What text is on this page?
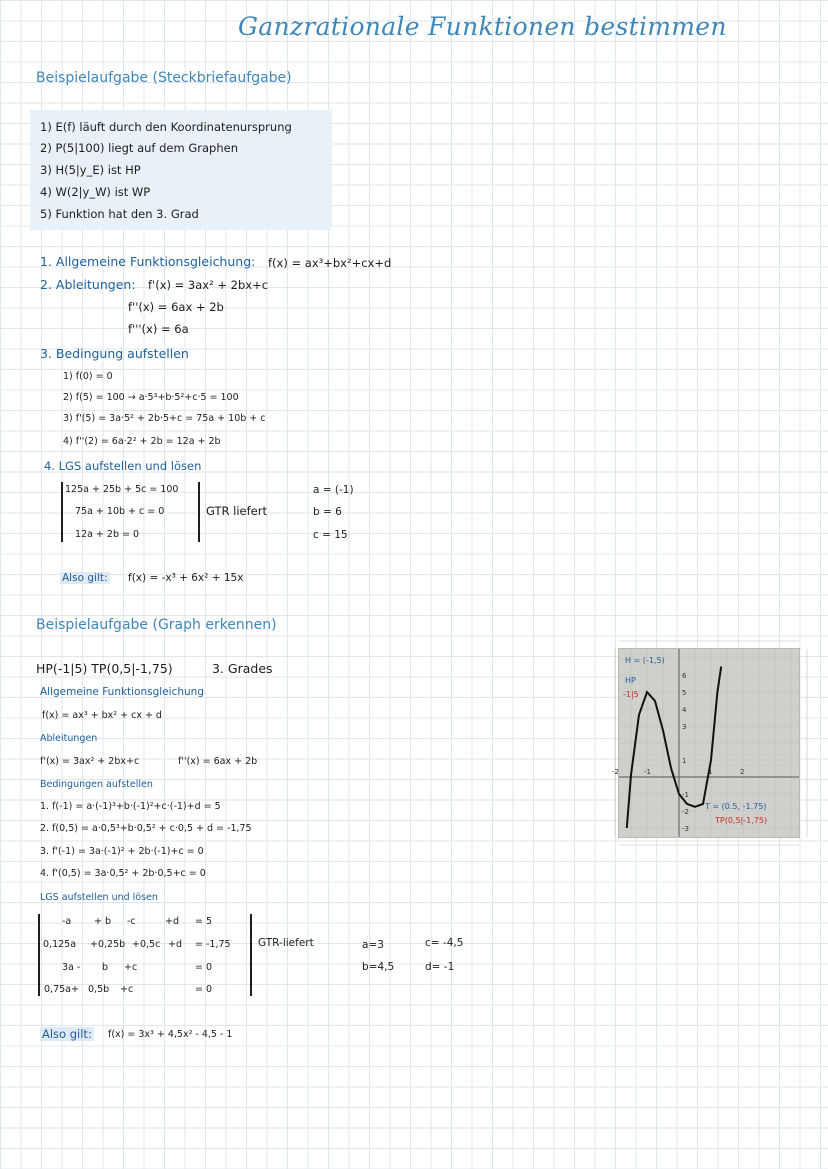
Ganzrationale Funktionen bestimmen
Beispielaufgabe (Steckbriefaufgabe)
1) E(f) läuft durch den Koordinatenursprung
2) P(5|100) liegt auf dem Graphen
3) H(5|y_E) ist HP
4) W(2|y_W) ist WP
5) Funktion hat den 3. Grad
1. Allgemeine Funktionsgleichung: f(x) = ax³+bx²+cx+d
2. Ableitungen: f'(x) = 3ax² + 2bx+c
f''(x) = 6ax + 2b
f'''(x) = 6a
3. Bedingung aufstellen
1) f(0) = 0
2) f(5) = 100 → a·5³+b·5²+c·5 = 100
3) f'(5) = 3a·5² + 2b·5+c = 75a + 10b + c
4) f''(2) = 6a·2² + 2b = 12a + 2b
4. LGS aufstellen und lösen
125a + 25b + 5c = 100
75a + 10b + c = 0
12a + 2b = 0
GTR liefert
a = (-1)
b = 6
c = 15
Also gilt: f(x) = -x³ + 6x² + 15x
Beispielaufgabe (Graph erkennen)
HP(-1|5) TP(0,5|-1,75)	3. Grades
Allgemeine Funktionsgleichung
f(x) = ax³ + bx² + cx + d
Ableitungen
f'(x) = 3ax² + 2bx+c	f''(x) = 6ax + 2b
Bedingungen aufstellen
1. f(-1) = a·(-1)³+b·(-1)²+c·(-1)+d = 5
2. f(0,5) = a·0,5³+b·0,5² + c·0,5 + d = -1,75
3. f'(-1) = 3a·(-1)² + 2b·(-1)+c = 0
4. f'(0,5) = 3a·0,5² + 2b·0,5+c = 0
LGS aufstellen und lösen
-a + b -c	+d = 5
0,125a +0,25b +0,5c +d = -1,75
3a - b +c	= 0
0,75a+ 0,5b +c	= 0
GTR-liefert	a=3
b=4,5
c= -4,5
d= -1
Also gilt: f(x) = 3x³ + 4,5x² - 4,5 - 1
-2	-1	1	2
6
5
4
3
1
-1
-2
-3
HP
H = (-1,5)
-1|5
T = (0.5, -1.75)
TP(0,5|-1,75)
